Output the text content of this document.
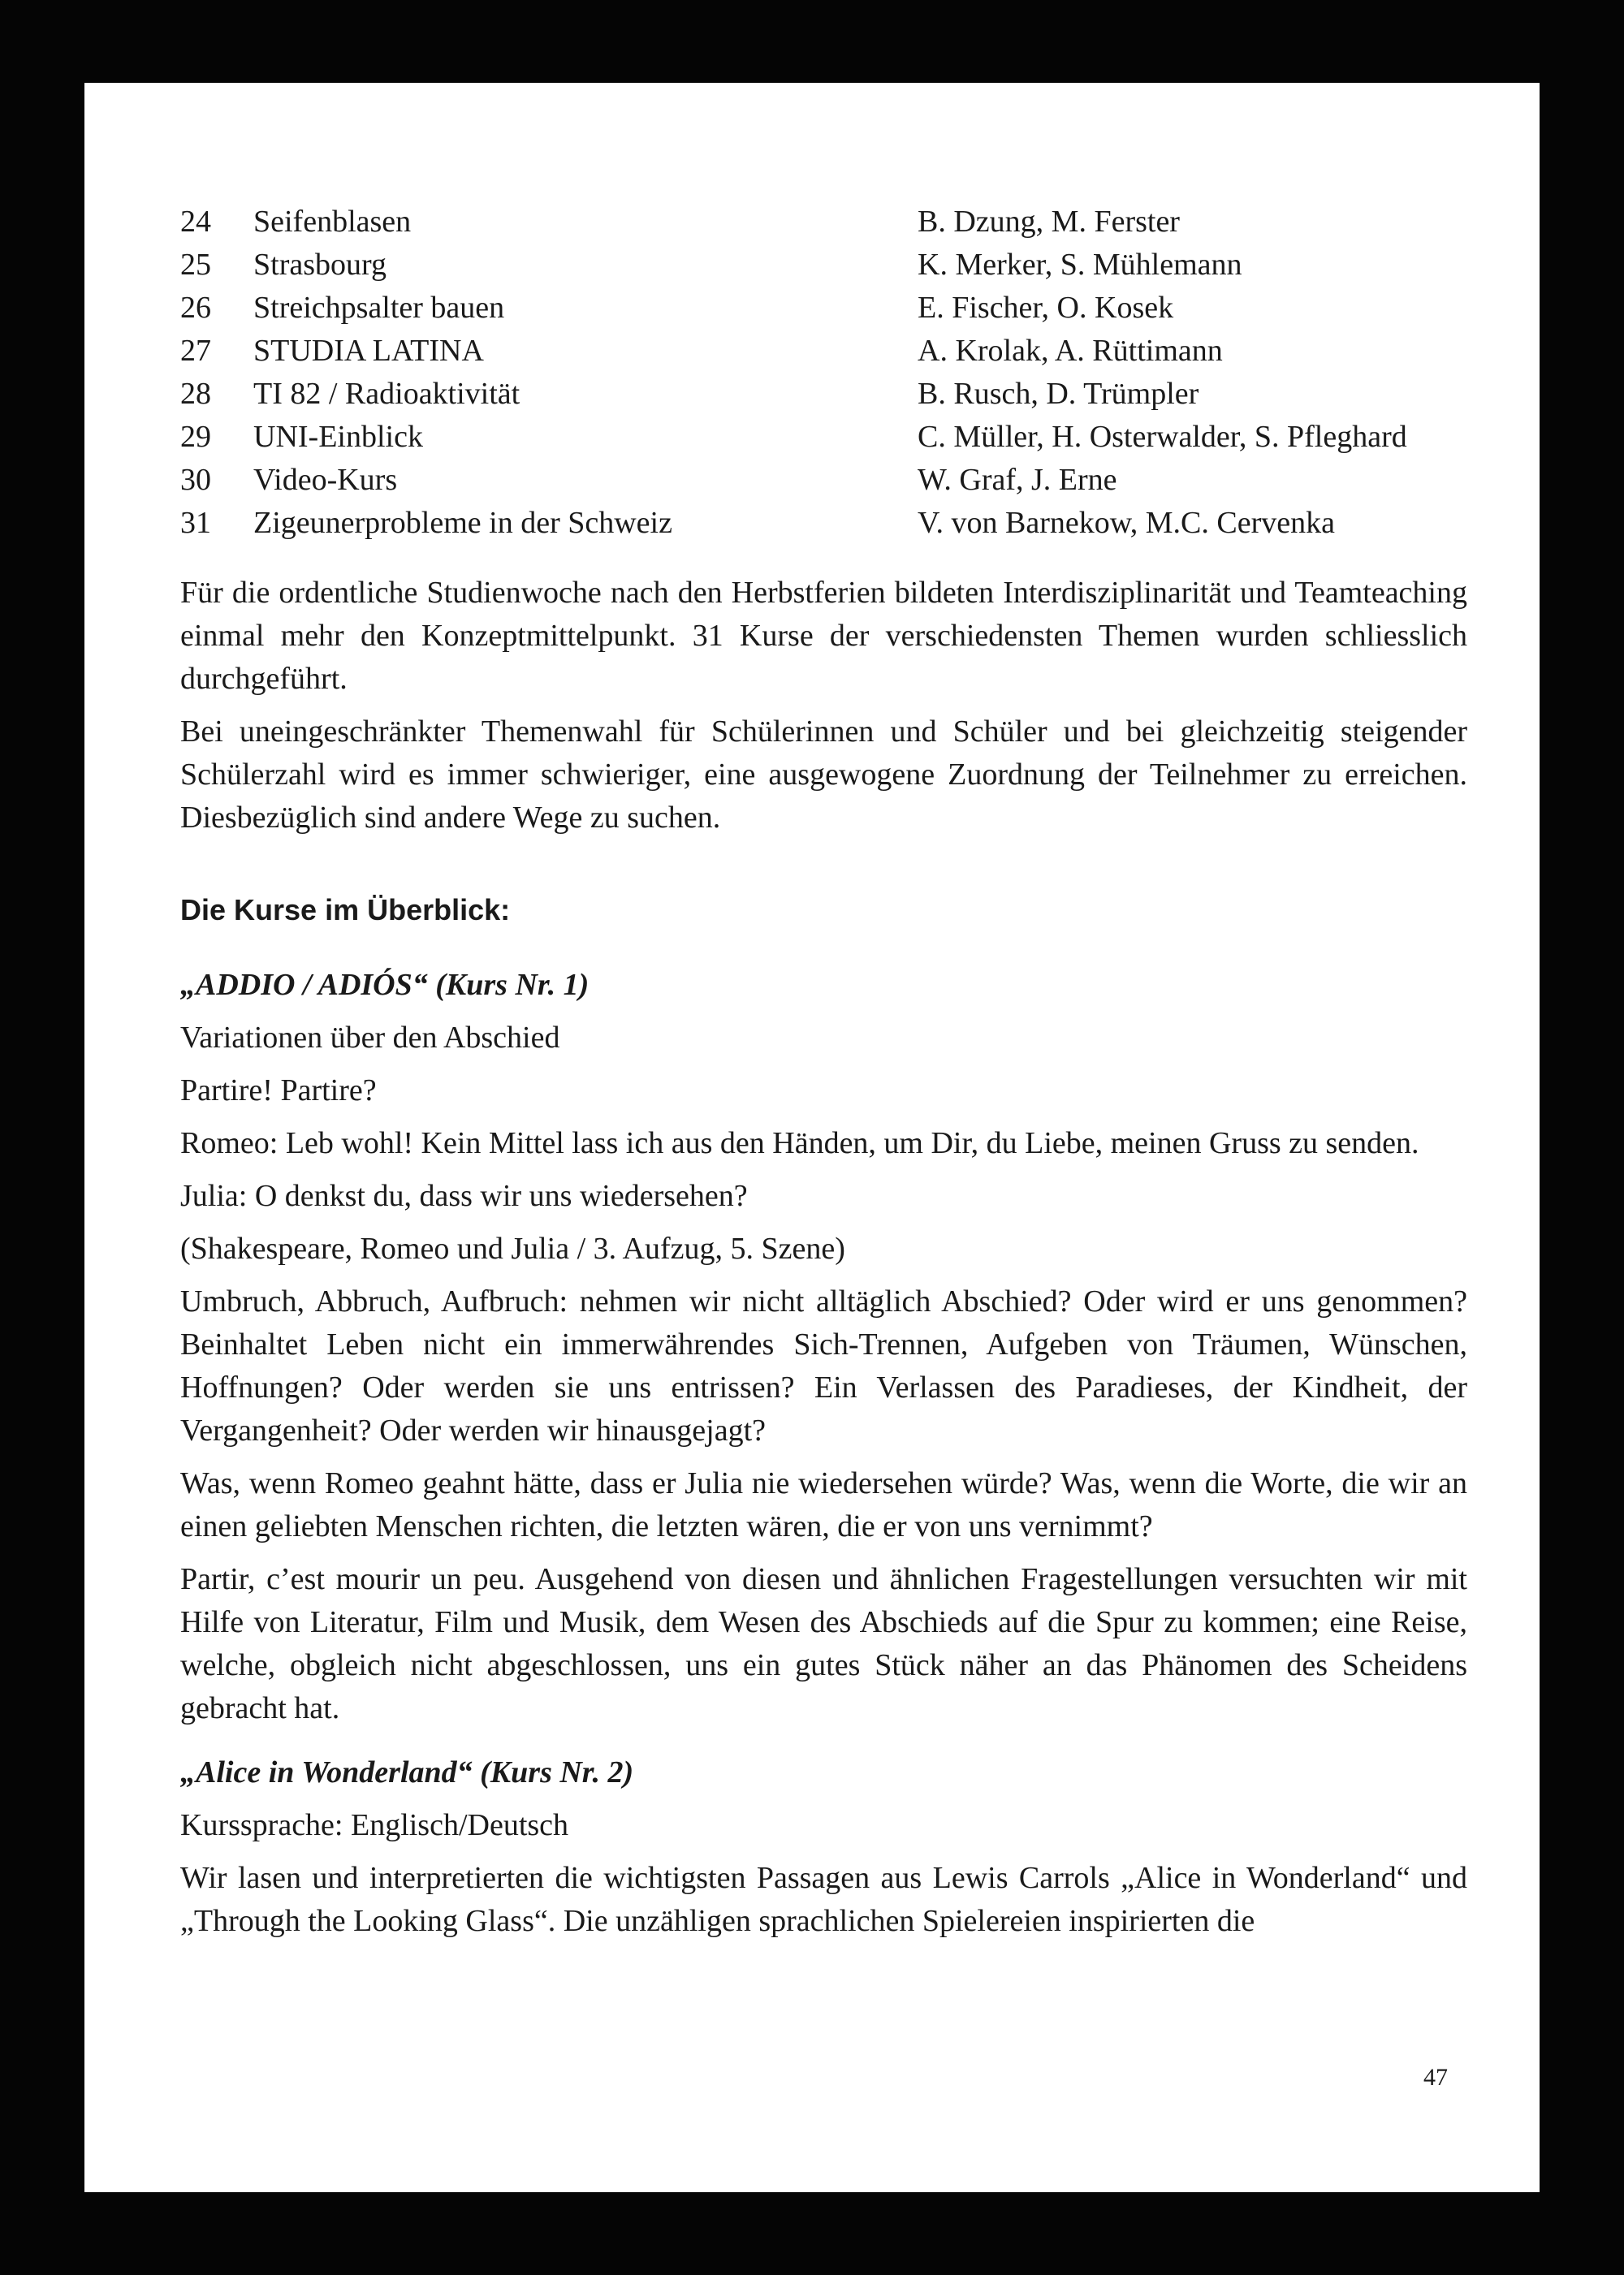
24 Seifenblasen	B. Dzung, M. Ferster
25 Strasbourg	K. Merker, S. Mühlemann
26 Streichpsalter bauen	E. Fischer, O. Kosek
27 STUDIA LATINA	A. Krolak, A. Rüttimann
28 TI 82 / Radioaktivität	B. Rusch, D. Trümpler
29 UNI-Einblick	C. Müller, H. Osterwalder, S. Pfleghard
30 Video-Kurs	W. Graf, J. Erne
31 Zigeunerprobleme in der Schweiz	V. von Barnekow, M.C. Cervenka

Für die ordentliche Studienwoche nach den Herbstferien bildeten Interdisziplinarität und Teamteaching einmal mehr den Konzeptmittelpunkt. 31 Kurse der verschiedensten Themen wurden schliesslich durchgeführt.

Bei uneingeschränkter Themenwahl für Schülerinnen und Schüler und bei gleichzeitig steigender Schülerzahl wird es immer schwieriger, eine ausgewogene Zuordnung der Teilnehmer zu erreichen. Diesbezüglich sind andere Wege zu suchen.

Die Kurse im Überblick:
„ADDIO / ADIÓS“ (Kurs Nr. 1)

Variationen über den Abschied

Partire! Partire?

Romeo: Leb wohl! Kein Mittel lass ich aus den Händen, um Dir, du Liebe, meinen Gruss zu senden.

Julia: O denkst du, dass wir uns wiedersehen?

(Shakespeare, Romeo und Julia / 3. Aufzug, 5. Szene)

Umbruch, Abbruch, Aufbruch: nehmen wir nicht alltäglich Abschied? Oder wird er uns genommen? Beinhaltet Leben nicht ein immerwährendes Sich-Trennen, Aufgeben von Träumen, Wünschen, Hoffnungen? Oder werden sie uns entrissen? Ein Verlassen des Paradieses, der Kindheit, der Vergangenheit? Oder werden wir hinausgejagt?

Was, wenn Romeo geahnt hätte, dass er Julia nie wiedersehen würde? Was, wenn die Worte, die wir an einen geliebten Menschen richten, die letzten wären, die er von uns vernimmt?

Partir, c’est mourir un peu. Ausgehend von diesen und ähnlichen Fragestellungen versuchten wir mit Hilfe von Literatur, Film und Musik, dem Wesen des Abschieds auf die Spur zu kommen; eine Reise, welche, obgleich nicht abgeschlossen, uns ein gutes Stück näher an das Phänomen des Scheidens gebracht hat.

„Alice in Wonderland“ (Kurs Nr. 2)

Kurssprache: Englisch/Deutsch

Wir lasen und interpretierten die wichtigsten Passagen aus Lewis Carrols „Alice in Wonderland“ und „Through the Looking Glass“. Die unzähligen sprachlichen Spielereien inspirierten die

47
